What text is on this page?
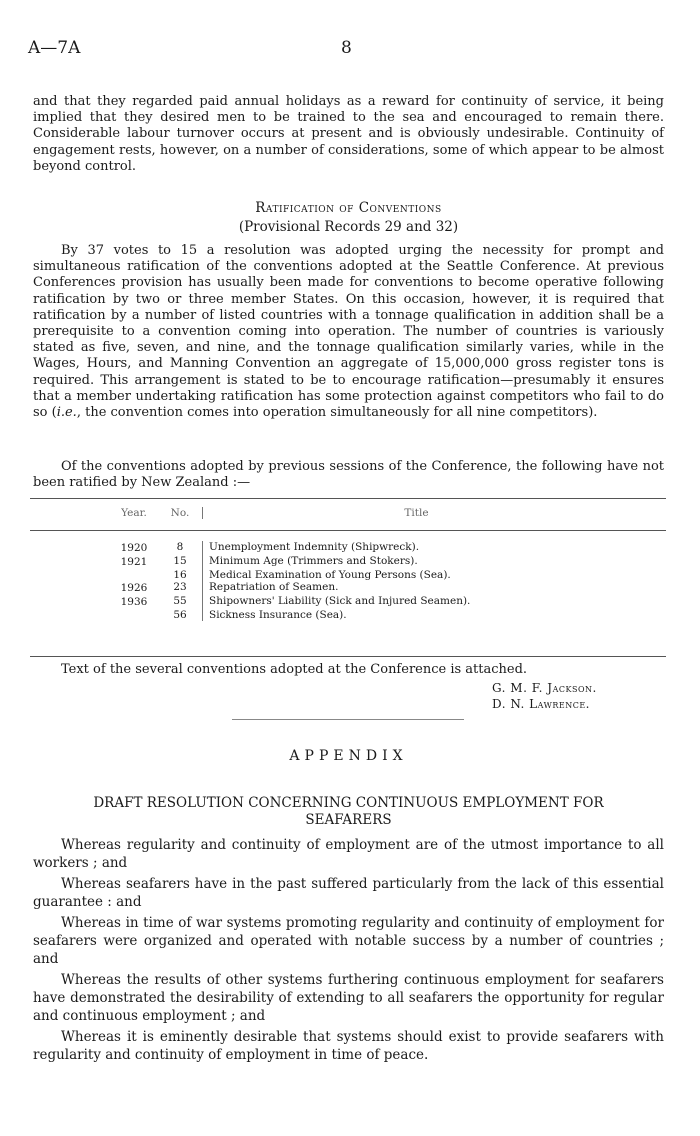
A—7A	8

and that they regarded paid annual holidays as a reward for continuity of service, it being implied that they desired men to be trained to the sea and encouraged to remain there. Considerable labour turnover occurs at present and is obviously undesirable. Continuity of engagement rests, however, on a number of considerations, some of which appear to be almost beyond control.

Ratification of Conventions
(Provisional Records 29 and 32)

By 37 votes to 15 a resolution was adopted urging the necessity for prompt and simultaneous ratification of the conventions adopted at the Seattle Conference. At previous Conferences provision has usually been made for conventions to become operative following ratification by two or three member States. On this occasion, however, it is required that ratification by a number of listed countries with a tonnage qualification in addition shall be a prerequisite to a convention coming into operation. The number of countries is variously stated as five, seven, and nine, and the tonnage qualification similarly varies, while in the Wages, Hours, and Manning Convention an aggregate of 15,000,000 gross register tons is required. This arrangement is stated to be to encourage ratification—presumably it ensures that a member undertaking ratification has some protection against competitors who fail to do so (i.e., the convention comes into operation simultaneously for all nine competitors).

Of the conventions adopted by previous sessions of the Conference, the following have not been ratified by New Zealand :—

Year.	No.	Title

1920	8	Unemployment Indemnity (Shipwreck).
1921	15	Minimum Age (Trimmers and Stokers).
	16	Medical Examination of Young Persons (Sea).
1926	23	Repatriation of Seamen.
1936	55	Shipowners' Liability (Sick and Injured Seamen).
	56	Sickness Insurance (Sea).

Text of the several conventions adopted at the Conference is attached.

G. M. F. Jackson.
D. N. Lawrence.
APPENDIX
DRAFT RESOLUTION CONCERNING CONTINUOUS EMPLOYMENT FOR
SEAFARERS

Whereas regularity and continuity of employment are of the utmost importance to all workers ; and

Whereas seafarers have in the past suffered particularly from the lack of this essential guarantee : and

Whereas in time of war systems promoting regularity and continuity of employment for seafarers were organized and operated with notable success by a number of countries ; and

Whereas the results of other systems furthering continuous employment for seafarers have demonstrated the desirability of extending to all seafarers the opportunity for regular and continuous employment ; and

Whereas it is eminently desirable that systems should exist to provide seafarers with regularity and continuity of employment in time of peace.
